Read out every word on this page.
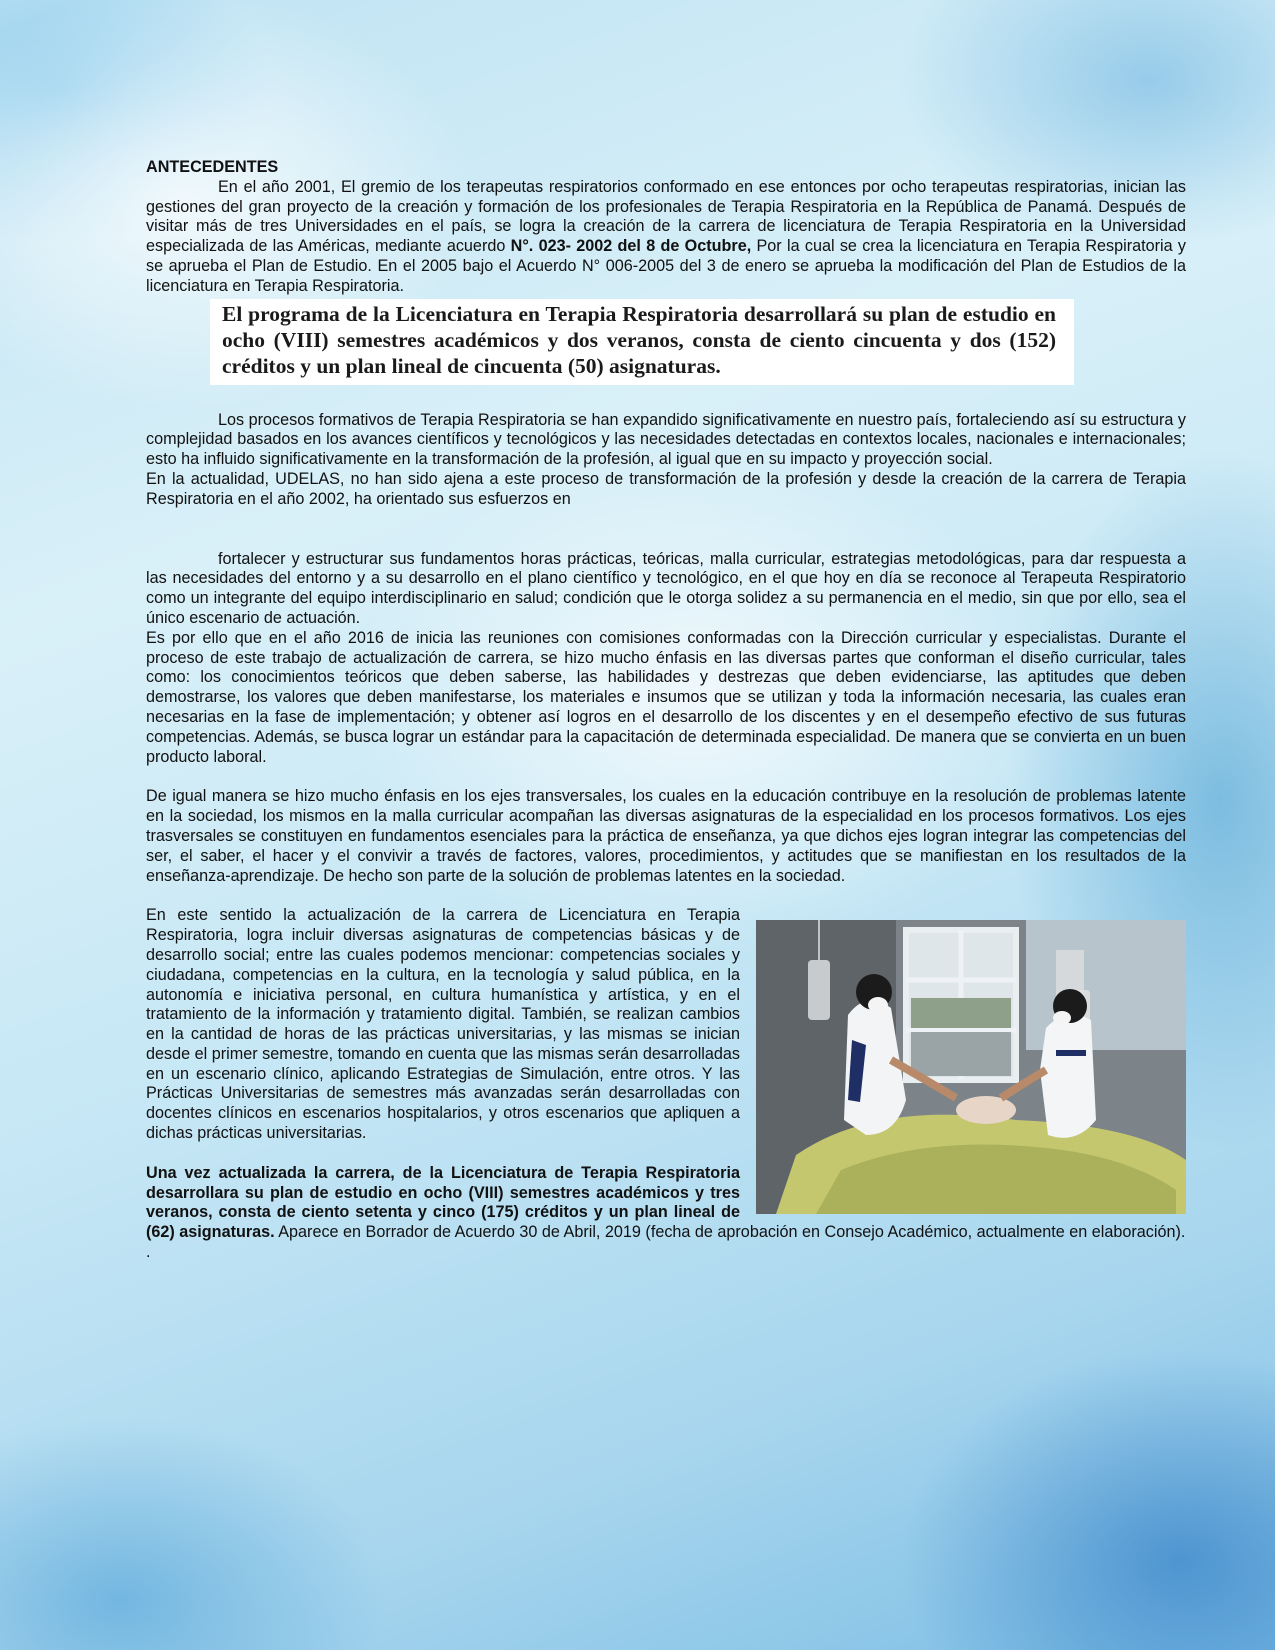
ANTECEDENTES

En el año 2001, El gremio de los terapeutas respiratorios conformado en ese entonces por ocho terapeutas respiratorias, inician las gestiones del gran proyecto de la creación y formación de los profesionales de Terapia Respiratoria en la República de Panamá. Después de visitar más de tres Universidades en el país, se logra la creación de la carrera de licenciatura de Terapia Respiratoria en la Universidad especializada de las Américas, mediante acuerdo N°. 023- 2002 del 8 de Octubre, Por la cual se crea la licenciatura en Terapia Respiratoria y se aprueba el Plan de Estudio. En el 2005 bajo el Acuerdo N° 006-2005 del 3 de enero se aprueba la modificación del Plan de Estudios de la licenciatura en Terapia Respiratoria.

El programa de la Licenciatura en Terapia Respiratoria desarrollará su plan de estudio en ocho (VIII) semestres académicos y dos veranos, consta de ciento cincuenta y dos (152) créditos y un plan lineal de cincuenta (50) asignaturas.

Los procesos formativos de Terapia Respiratoria se han expandido significativamente en nuestro país, fortaleciendo así su estructura y complejidad basados en los avances científicos y tecnológicos y las necesidades detectadas en contextos locales, nacionales e internacionales; esto ha influido significativamente en la transformación de la profesión, al igual que en su impacto y proyección social.

En la actualidad, UDELAS, no han sido ajena a este proceso de transformación de la profesión y desde la creación de la carrera de Terapia Respiratoria en el año 2002, ha orientado sus esfuerzos en

fortalecer y estructurar sus fundamentos horas prácticas, teóricas, malla curricular, estrategias metodológicas, para dar respuesta a las necesidades del entorno y a su desarrollo en el plano científico y tecnológico, en el que hoy en día se reconoce al Terapeuta Respiratorio como un integrante del equipo interdisciplinario en salud; condición que le otorga solidez a su permanencia en el medio, sin que por ello, sea el único escenario de actuación.

Es por ello que en el año 2016 de inicia las reuniones con comisiones conformadas con la Dirección curricular y especialistas. Durante el proceso de este trabajo de actualización de carrera, se hizo mucho énfasis en las diversas partes que conforman el diseño curricular, tales como: los conocimientos teóricos que deben saberse, las habilidades y destrezas que deben evidenciarse, las aptitudes que deben demostrarse, los valores que deben manifestarse, los materiales e insumos que se utilizan y toda la información necesaria, las cuales eran necesarias en la fase de implementación; y obtener así logros en el desarrollo de los discentes y en el desempeño efectivo de sus futuras competencias. Además, se busca lograr un estándar para la capacitación de determinada especialidad. De manera que se convierta en un buen producto laboral.

De igual manera se hizo mucho énfasis en los ejes transversales, los cuales en la educación contribuye en la resolución de problemas latente en la sociedad, los mismos en la malla curricular acompañan las diversas asignaturas de la especialidad en los procesos formativos. Los ejes trasversales se constituyen en fundamentos esenciales para la práctica de enseñanza, ya que dichos ejes logran integrar las competencias del ser, el saber, el hacer y el convivir a través de factores, valores, procedimientos, y actitudes que se manifiestan en los resultados de la enseñanza-aprendizaje. De hecho son parte de la solución de problemas latentes en la sociedad.

En este sentido la actualización de la carrera de Licenciatura en Terapia Respiratoria, logra incluir diversas asignaturas de competencias básicas y de desarrollo social; entre las cuales podemos mencionar: competencias sociales y ciudadana, competencias en la cultura, en la tecnología y salud pública, en la autonomía e iniciativa personal, en cultura humanística y artística, y en el tratamiento de la información y tratamiento digital. También, se realizan cambios en la cantidad de horas de las prácticas universitarias, y las mismas se inician desde el primer semestre, tomando en cuenta que las mismas serán desarrolladas en un escenario clínico, aplicando Estrategias de Simulación, entre otros. Y las Prácticas Universitarias de semestres más avanzadas serán desarrolladas con docentes clínicos en escenarios hospitalarios, y otros escenarios que apliquen a dichas prácticas universitarias.

Una vez actualizada la carrera, de la Licenciatura de Terapia Respiratoria desarrollara su plan de estudio en ocho (VIII) semestres académicos y tres veranos, consta de ciento setenta y cinco (175) créditos y un plan lineal de (62) asignaturas. Aparece en Borrador de Acuerdo 30 de Abril, 2019 (fecha de aprobación en Consejo Académico, actualmente en elaboración).

.
